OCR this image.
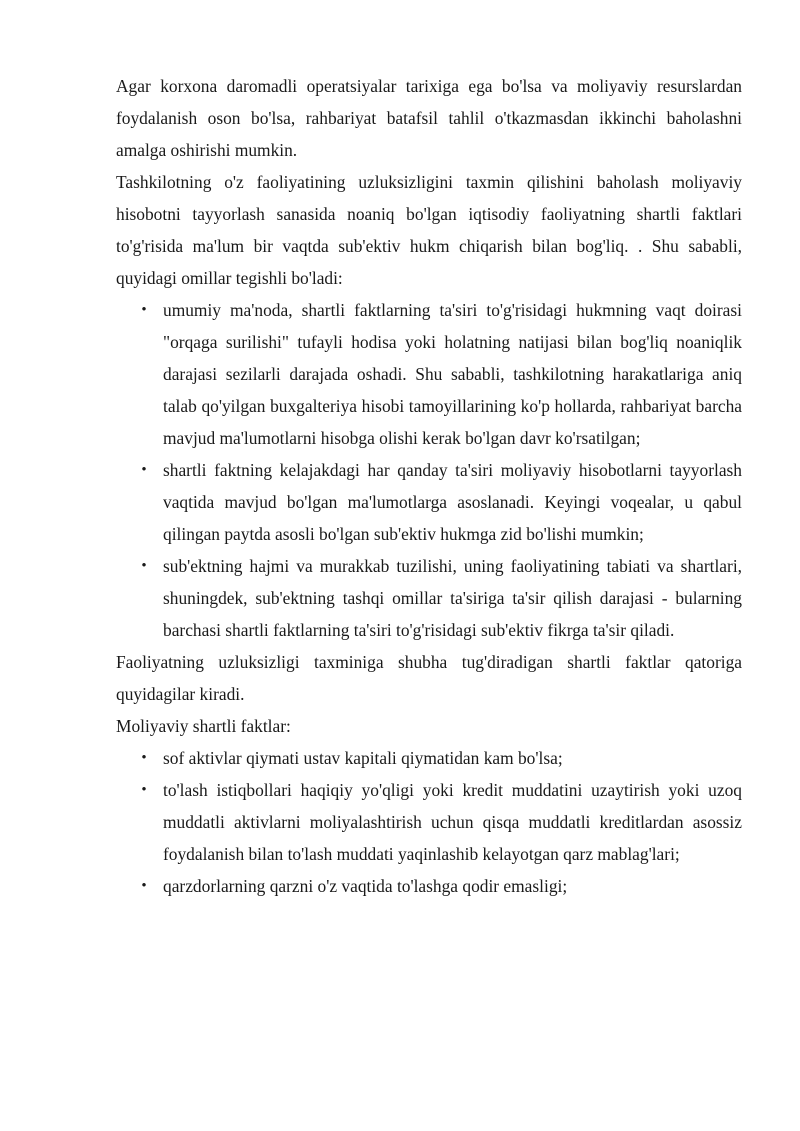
Agar korxona daromadli operatsiyalar tarixiga ega bo'lsa va moliyaviy resurslardan foydalanish oson bo'lsa, rahbariyat batafsil tahlil o'tkazmasdan ikkinchi baholashni amalga oshirishi mumkin.

Tashkilotning o'z faoliyatining uzluksizligini taxmin qilishini baholash moliyaviy hisobotni tayyorlash sanasida noaniq bo'lgan iqtisodiy faoliyatning shartli faktlari to'g'risida ma'lum bir vaqtda sub'ektiv hukm chiqarish bilan bog'liq. . Shu sababli, quyidagi omillar tegishli bo'ladi:

• umumiy ma'noda, shartli faktlarning ta'siri to'g'risidagi hukmning vaqt doirasi "orqaga surilishi" tufayli hodisa yoki holatning natijasi bilan bog'liq noaniqlik darajasi sezilarli darajada oshadi. Shu sababli, tashkilotning harakatlariga aniq talab qo'yilgan buxgalteriya hisobi tamoyillarining ko'p hollarda, rahbariyat barcha mavjud ma'lumotlarni hisobga olishi kerak bo'lgan davr ko'rsatilgan;
• shartli faktning kelajakdagi har qanday ta'siri moliyaviy hisobotlarni tayyorlash vaqtida mavjud bo'lgan ma'lumotlarga asoslanadi. Keyingi voqealar, u qabul qilingan paytda asosli bo'lgan sub'ektiv hukmga zid bo'lishi mumkin;
• sub'ektning hajmi va murakkab tuzilishi, uning faoliyatining tabiati va shartlari, shuningdek, sub'ektning tashqi omillar ta'siriga ta'sir qilish darajasi - bularning barchasi shartli faktlarning ta'siri to'g'risidagi sub'ektiv fikrga ta'sir qiladi.

Faoliyatning uzluksizligi taxminiga shubha tug'diradigan shartli faktlar qatoriga quyidagilar kiradi.

Moliyaviy shartli faktlar:

• sof aktivlar qiymati ustav kapitali qiymatidan kam bo'lsa;
• to'lash istiqbollari haqiqiy yo'qligi yoki kredit muddatini uzaytirish yoki uzoq muddatli aktivlarni moliyalashtirish uchun qisqa muddatli kreditlardan asossiz foydalanish bilan to'lash muddati yaqinlashib kelayotgan qarz mablag'lari;
• qarzdorlarning qarzni o'z vaqtida to'lashga qodir emasligi;
